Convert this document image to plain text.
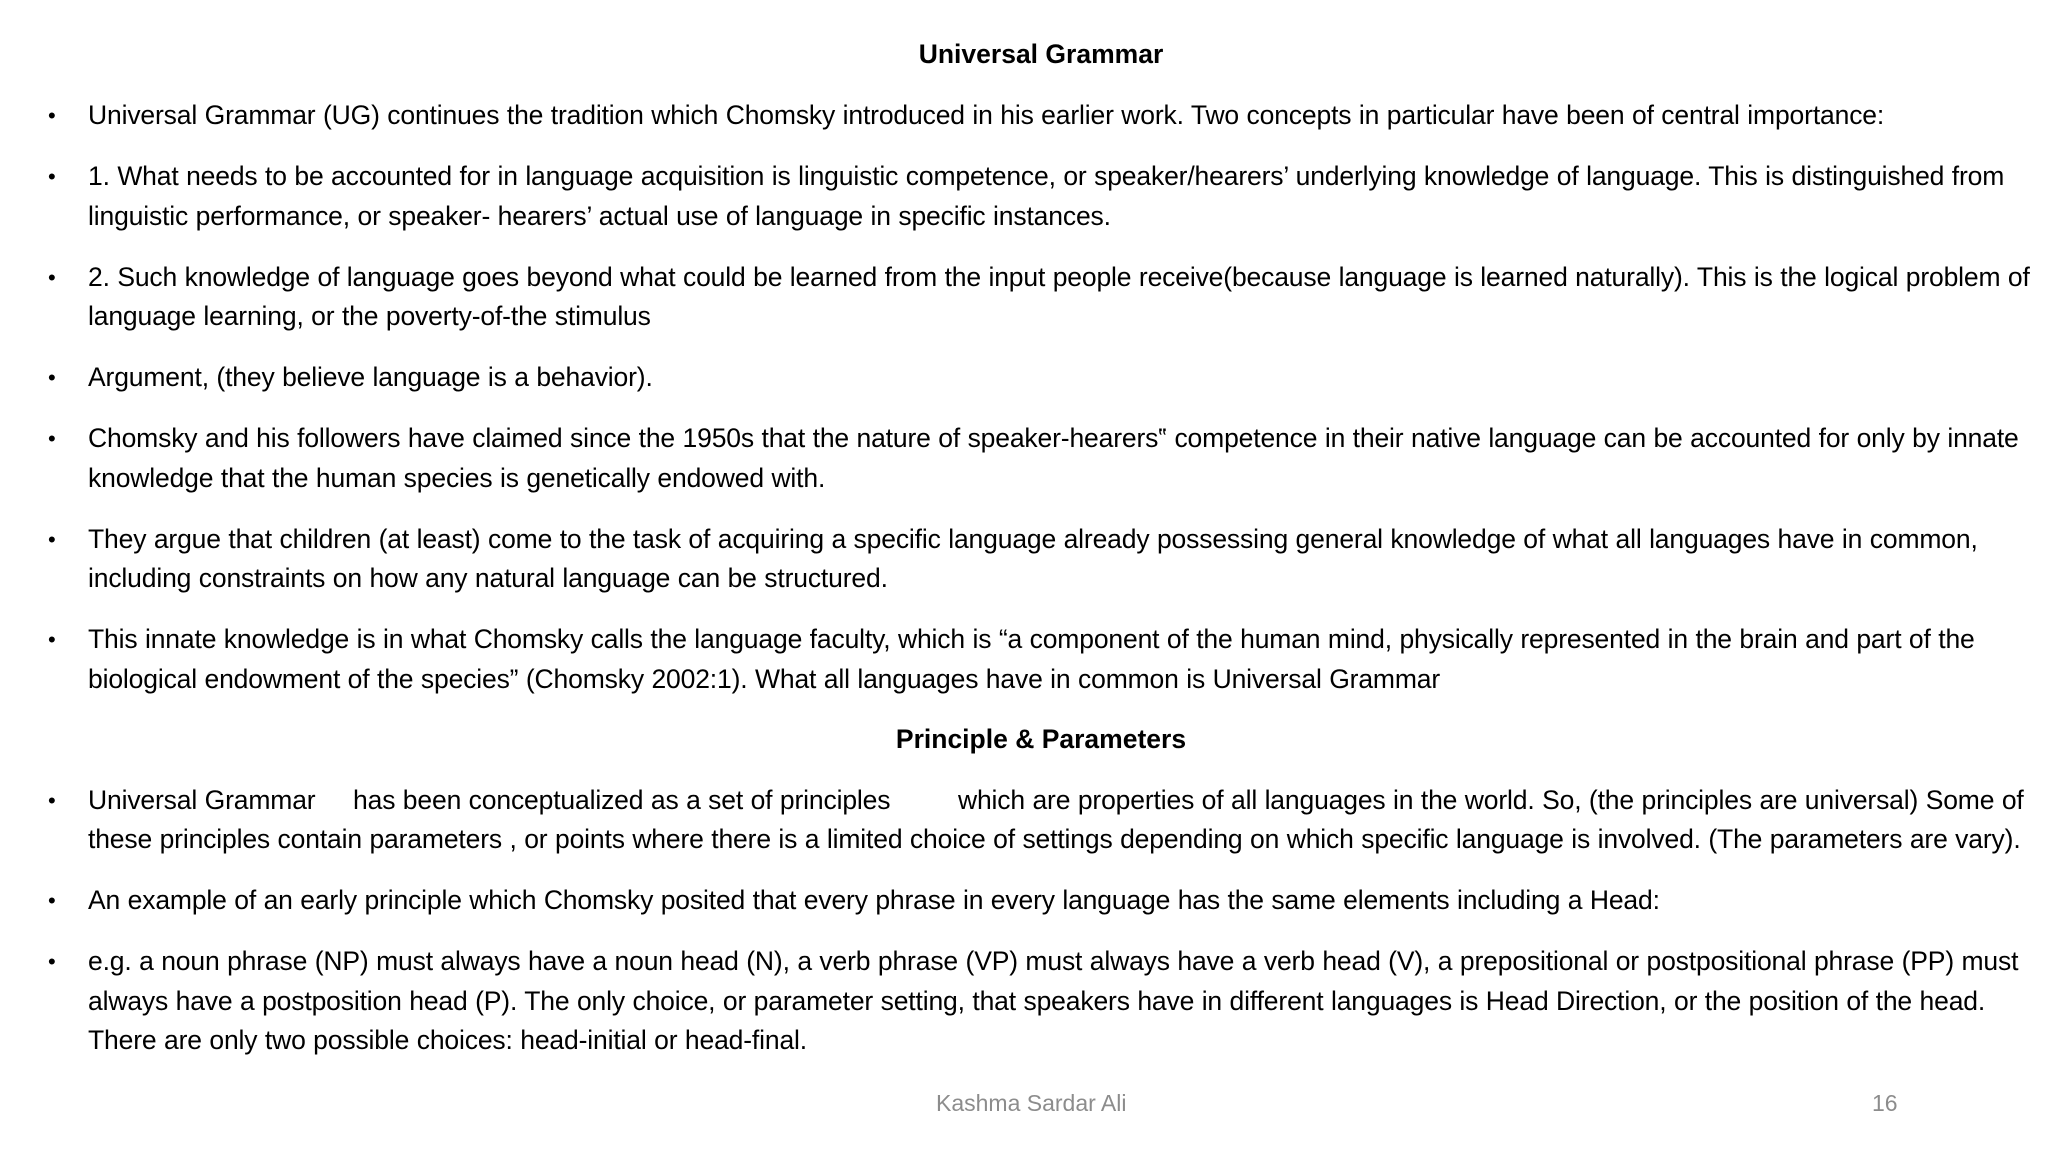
Universal Grammar
• Universal Grammar (UG) continues the tradition which Chomsky introduced in his earlier work. Two concepts in particular have been of central importance:
• 1. What needs to be accounted for in language acquisition is linguistic competence, or speaker/hearers’ underlying knowledge of language. This is distinguished from linguistic performance, or speaker- hearers’ actual use of language in specific instances.
• 2. Such knowledge of language goes beyond what could be learned from the input people receive(because language is learned naturally). This is the logical problem of language learning, or the poverty-of-the stimulus
• Argument, (they believe language is a behavior).
• Chomsky and his followers have claimed since the 1950s that the nature of speaker-hearers‟ competence in their native language can be accounted for only by innate knowledge that the human species is genetically endowed with.
• They argue that children (at least) come to the task of acquiring a specific language already possessing general knowledge of what all languages have in common, including constraints on how any natural language can be structured.
• This innate knowledge is in what Chomsky calls the language faculty, which is “a component of the human mind, physically represented in the brain and part of the biological endowment of the species” (Chomsky 2002:1). What all languages have in common is Universal Grammar
Principle & Parameters
• Universal Grammar     has been conceptualized as a set of principles         which are properties of all languages in the world. So, (the principles are universal) Some of these principles contain parameters , or points where there is a limited choice of settings depending on which specific language is involved. (The parameters are vary).
• An example of an early principle which Chomsky posited that every phrase in every language has the same elements including a Head:
• e.g. a noun phrase (NP) must always have a noun head (N), a verb phrase (VP) must always have a verb head (V), a prepositional or postpositional phrase (PP) must always have a postposition head (P). The only choice, or parameter setting, that speakers have in different languages is Head Direction, or the position of the head. There are only two possible choices: head-initial or head-final.
Kashma Sardar Ali	16
